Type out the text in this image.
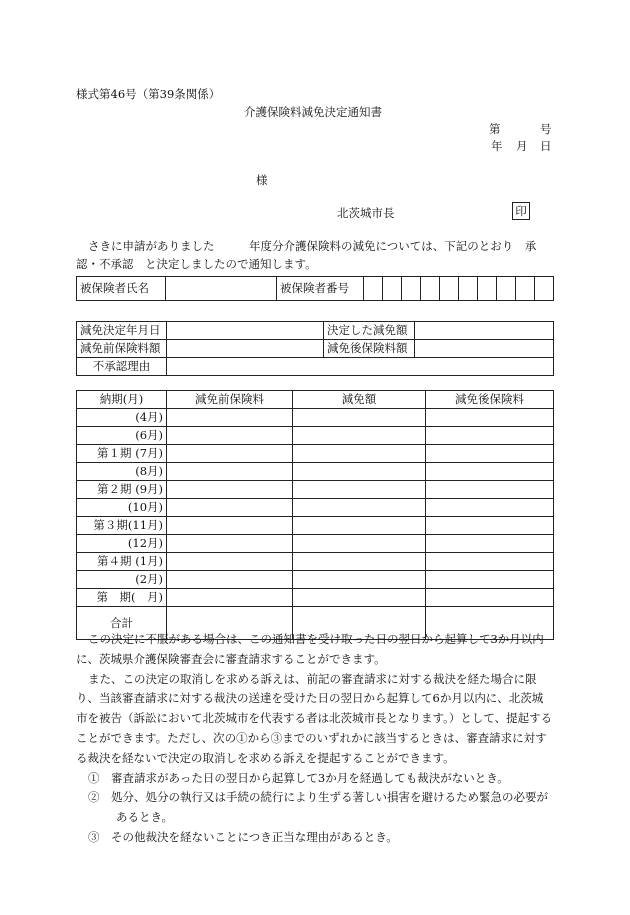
様式第46号（第39条関係）
介護保険料減免決定通知書
第	号
年 月 日
様
北茨城市長	印
さきに申請がありました　　　年度分介護保険料の減免については、下記のとおり　承
認・不承認　と決定しましたので通知します。
被保険者氏名		被保険者番号										
減免決定年月日		決定した減免額	
減免前保険料額		減免後保険料額	
不承認理由			
納期(月)	減免前保険料	減免額	減免後保険料
(4月)			
(6月)			
第１期 (7月)			
(8月)			
第２期 (9月)			
(10月)			
第３期(11月)			
(12月)			
第４期 (1月)			
(2月)			
第　期(　月)			
合計			

この決定に不服がある場合は、この通知書を受け取った日の翌日から起算して3か月以内に、茨城県介護保険審査会に審査請求することができます。

また、この決定の取消しを求める訴えは、前記の審査請求に対する裁決を経た場合に限り、当該審査請求に対する裁決の送達を受けた日の翌日から起算して6か月以内に、北茨城市を被告（訴訟において北茨城市を代表する者は北茨城市長となります。）として、提起することができます。ただし、次の①から③までのいずれかに該当するときは、審査請求に対する裁決を経ないで決定の取消しを求める訴えを提起することができます。

①　審査請求があった日の翌日から起算して3か月を経過しても裁決がないとき。
②　処分、処分の執行又は手続の続行により生ずる著しい損害を避けるため緊急の必要があるとき。
③　その他裁決を経ないことにつき正当な理由があるとき。
